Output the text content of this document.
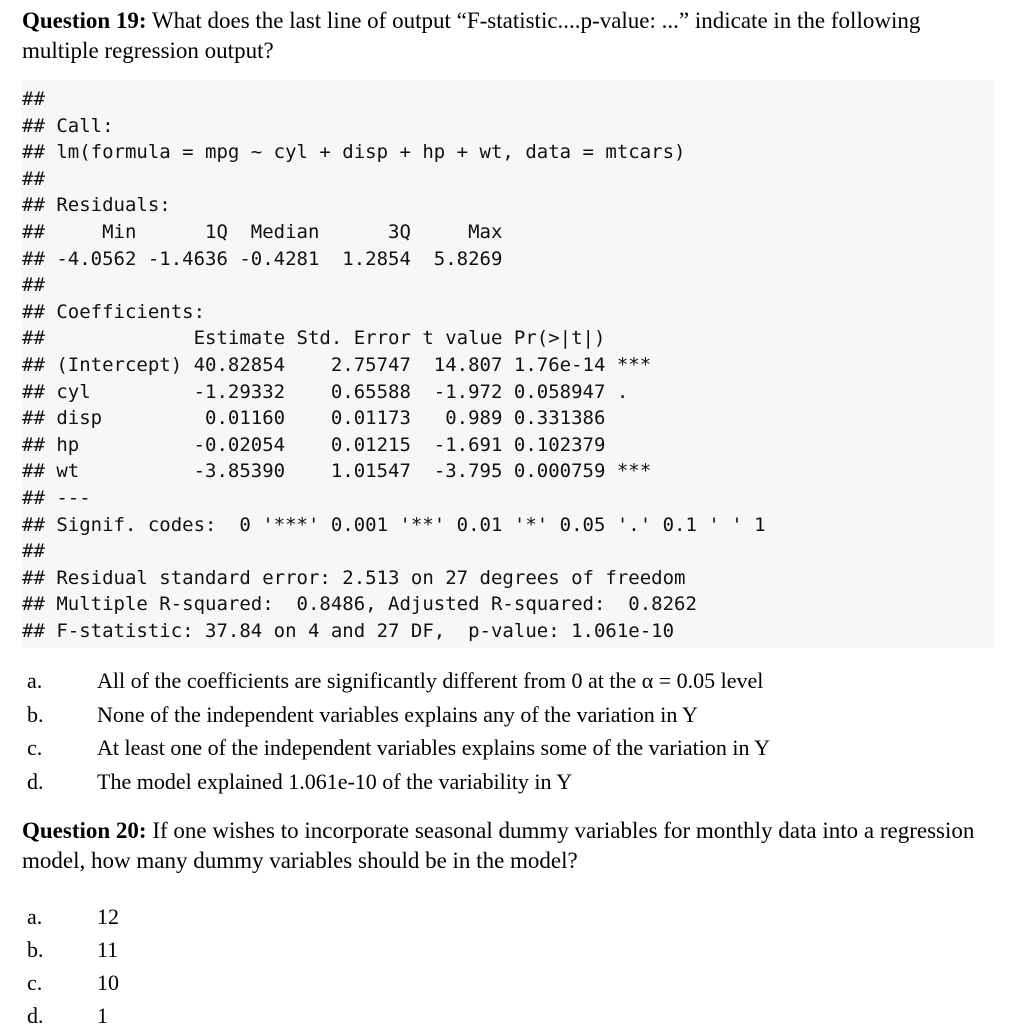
Question 19: What does the last line of output “F-statistic....p-value: ...” indicate in the following multiple regression output?

##
## Call:
## lm(formula = mpg ~ cyl + disp + hp + wt, data = mtcars)
##
## Residuals:
##     Min      1Q  Median      3Q     Max
## -4.0562 -1.4636 -0.4281  1.2854  5.8269
##
## Coefficients:
##             Estimate Std. Error t value Pr(>|t|)
## (Intercept) 40.82854    2.75747  14.807 1.76e-14 ***
## cyl         -1.29332    0.65588  -1.972 0.058947 .
## disp         0.01160    0.01173   0.989 0.331386
## hp          -0.02054    0.01215  -1.691 0.102379
## wt          -3.85390    1.01547  -3.795 0.000759 ***
## ---
## Signif. codes:  0 '***' 0.001 '**' 0.01 '*' 0.05 '.' 0.1 ' ' 1
##
## Residual standard error: 2.513 on 27 degrees of freedom
## Multiple R-squared:  0.8486, Adjusted R-squared:  0.8262
## F-statistic: 37.84 on 4 and 27 DF,  p-value: 1.061e-10
a.	All of the coefficients are significantly different from 0 at the α = 0.05 level
b.	None of the independent variables explains any of the variation in Y
c.	At least one of the independent variables explains some of the variation in Y
d.	The model explained 1.061e-10 of the variability in Y

Question 20: If one wishes to incorporate seasonal dummy variables for monthly data into a regression model, how many dummy variables should be in the model?

a.	12
b.	11
c.	10
d.	1
